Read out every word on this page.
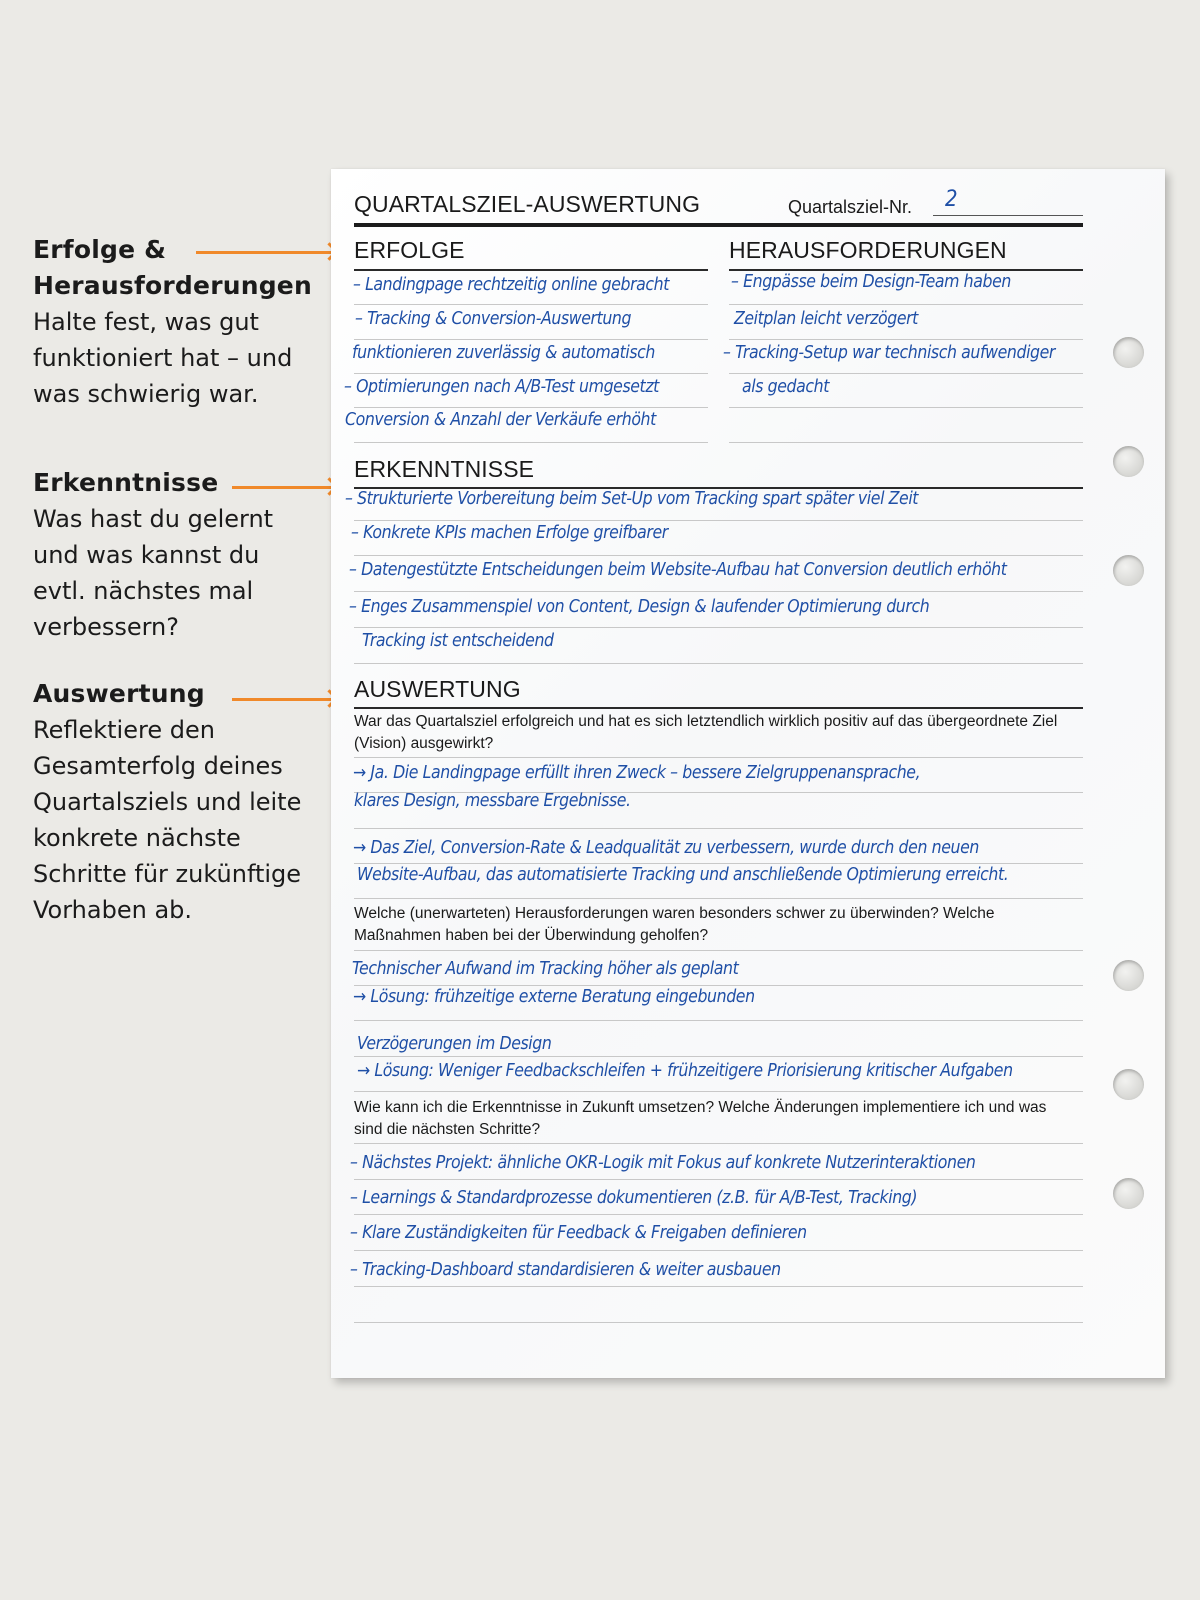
Erfolge &
Herausforderungen
Halte fest, was gut
funktioniert hat – und
was schwierig war.
Erkenntnisse
Was hast du gelernt
und was kannst du
evtl. nächstes mal
verbessern?
Auswertung
Reflektiere den
Gesamterfolg deines
Quartalsziels und leite
konkrete nächste
Schritte für zukünftige
Vorhaben ab.
QUARTALSZIEL-AUSWERTUNG	Quartalsziel-Nr. 2
ERFOLGE
– Landingpage rechtzeitig online gebracht
– Tracking & Conversion-Auswertung
funktionieren zuverlässig & automatisch
– Optimierungen nach A/B-Test umgesetzt
Conversion & Anzahl der Verkäufe erhöht
HERAUSFORDERUNGEN
– Engpässe beim Design-Team haben
Zeitplan leicht verzögert
– Tracking-Setup war technisch aufwendiger
als gedacht
ERKENNTNISSE
– Strukturierte Vorbereitung beim Set-Up vom Tracking spart später viel Zeit
– Konkrete KPIs machen Erfolge greifbarer
– Datengestützte Entscheidungen beim Website-Aufbau hat Conversion deutlich erhöht
– Enges Zusammenspiel von Content, Design & laufender Optimierung durch
Tracking ist entscheidend
AUSWERTUNG
War das Quartalsziel erfolgreich und hat es sich letztendlich wirklich positiv auf das übergeordnete Ziel (Vision) ausgewirkt?
→ Ja. Die Landingpage erfüllt ihren Zweck – bessere Zielgruppenansprache,
klares Design, messbare Ergebnisse.
→ Das Ziel, Conversion-Rate & Leadqualität zu verbessern, wurde durch den neuen
Website-Aufbau, das automatisierte Tracking und anschließende Optimierung erreicht.
Welche (unerwarteten) Herausforderungen waren besonders schwer zu überwinden? Welche Maßnahmen haben bei der Überwindung geholfen?
Technischer Aufwand im Tracking höher als geplant
→ Lösung: frühzeitige externe Beratung eingebunden
Verzögerungen im Design
→ Lösung: Weniger Feedbackschleifen + frühzeitigere Priorisierung kritischer Aufgaben
Wie kann ich die Erkenntnisse in Zukunft umsetzen? Welche Änderungen implementiere ich und was sind die nächsten Schritte?
– Nächstes Projekt: ähnliche OKR-Logik mit Fokus auf konkrete Nutzerinteraktionen
– Learnings & Standardprozesse dokumentieren (z.B. für A/B-Test, Tracking)
– Klare Zuständigkeiten für Feedback & Freigaben definieren
– Tracking-Dashboard standardisieren & weiter ausbauen
